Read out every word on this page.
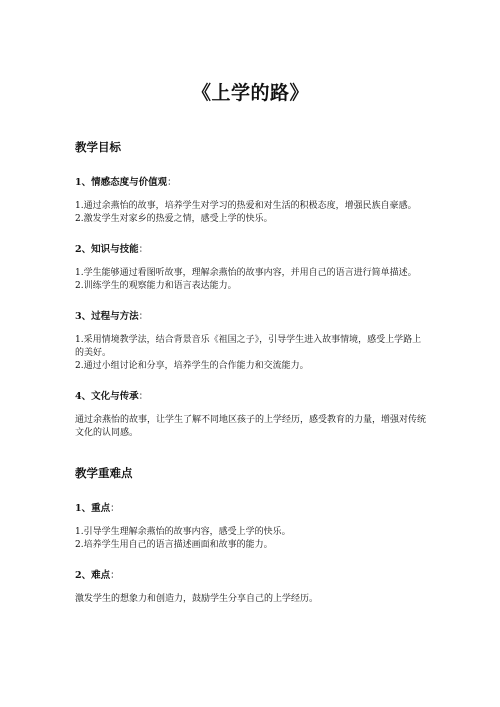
《上学的路》
教学目标
1、情感态度与价值观：

1.通过余燕怡的故事，培养学生对学习的热爱和对生活的积极态度，增强民族自豪感。

2.激发学生对家乡的热爱之情，感受上学的快乐。

2、知识与技能：

1.学生能够通过看图听故事，理解余燕怡的故事内容，并用自己的语言进行简单描述。

2.训练学生的观察能力和语言表达能力。

3、过程与方法：

1.采用情境教学法，结合背景音乐《祖国之子》，引导学生进入故事情境，感受上学路上的美好。

2.通过小组讨论和分享，培养学生的合作能力和交流能力。

4、文化与传承：

通过余燕怡的故事，让学生了解不同地区孩子的上学经历，感受教育的力量，增强对传统文化的认同感。

教学重难点
1、重点：

1.引导学生理解余燕怡的故事内容，感受上学的快乐。

2.培养学生用自己的语言描述画面和故事的能力。

2、难点：

激发学生的想象力和创造力，鼓励学生分享自己的上学经历。
